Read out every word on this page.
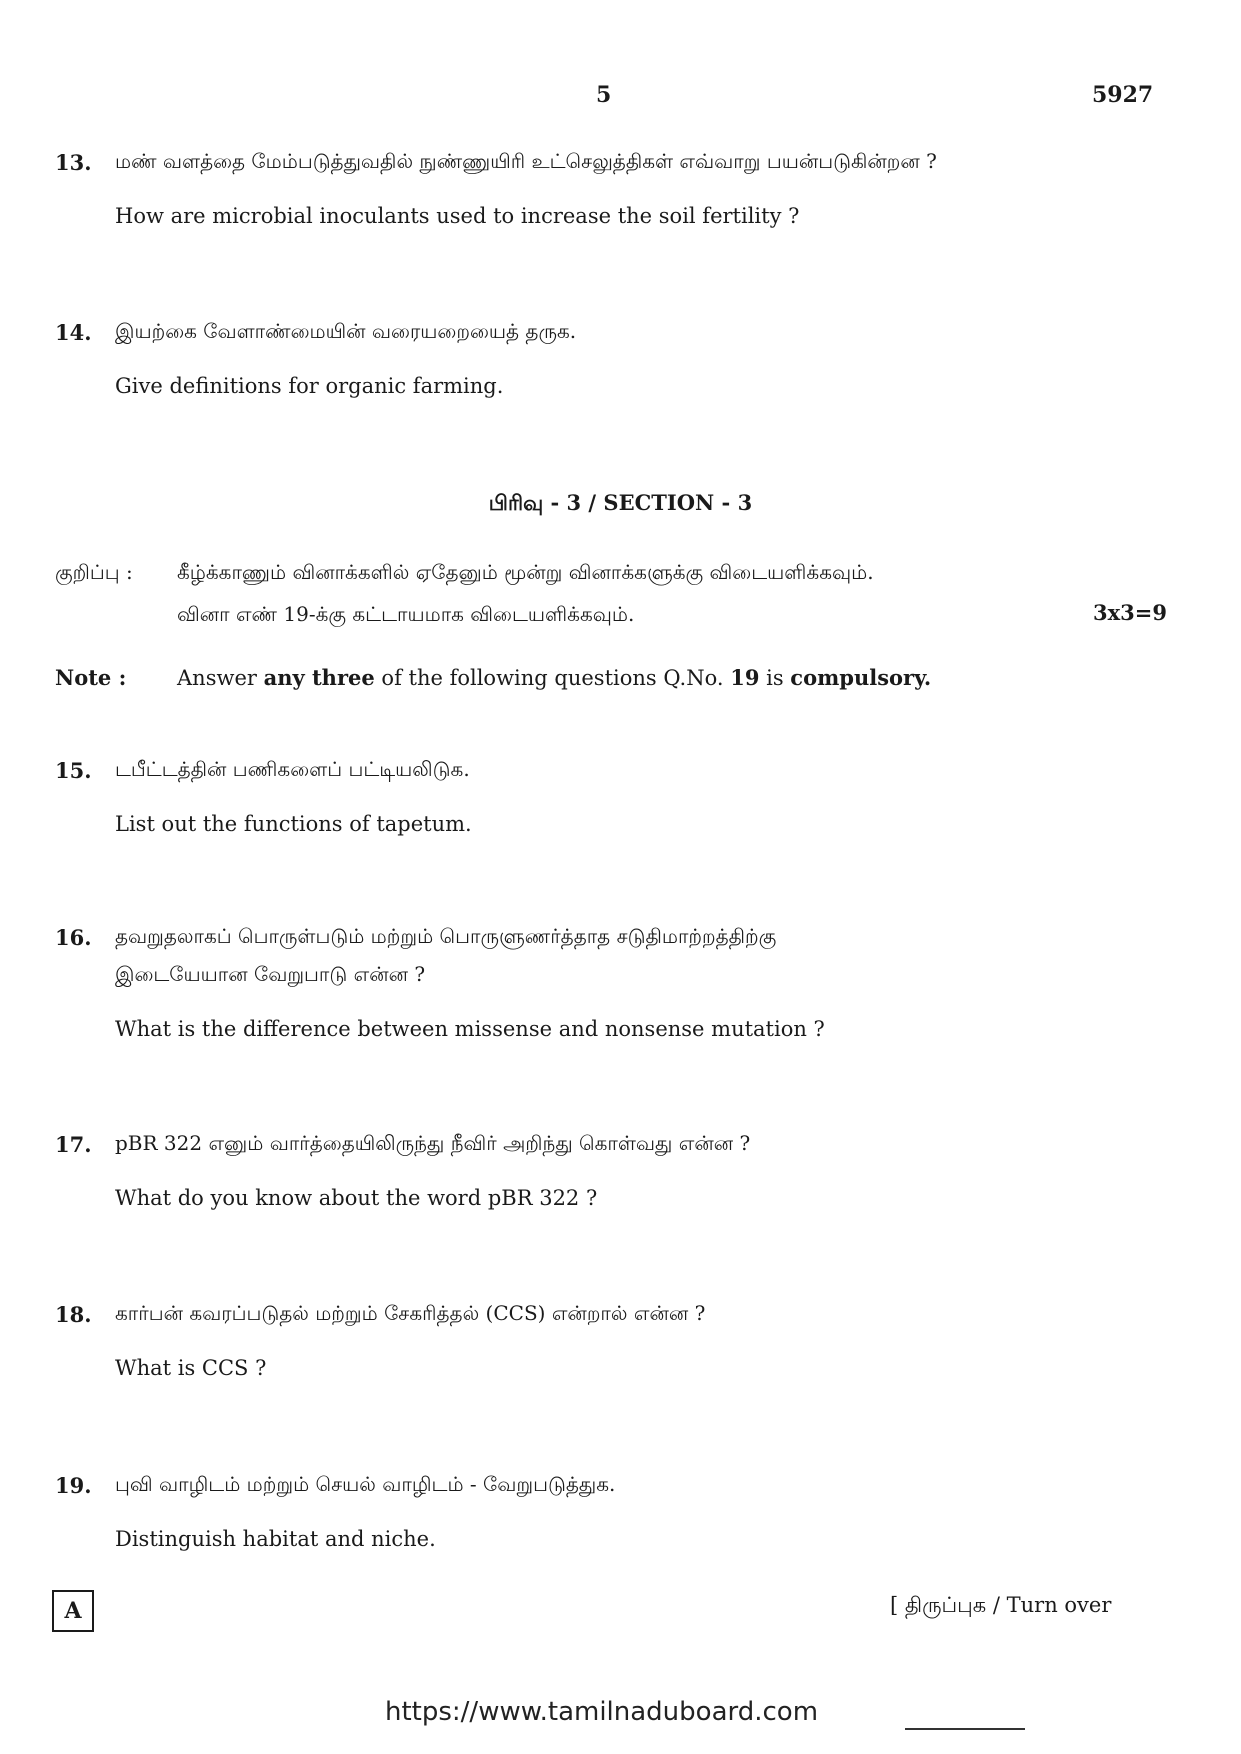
5	5927
13. மண் வளத்தை மேம்படுத்துவதில் நுண்ணுயிரி உட்செலுத்திகள் எவ்வாறு பயன்படுகின்றன ?
How are microbial inoculants used to increase the soil fertility ?
14. இயற்கை வேளாண்மையின் வரையறையைத் தருக.
Give definitions for organic farming.
பிரிவு - 3 / SECTION - 3
குறிப்பு : கீழ்க்காணும் வினாக்களில் ஏதேனும் மூன்று வினாக்களுக்கு விடையளிக்கவும்.
வினா எண் 19-க்கு கட்டாயமாக விடையளிக்கவும்.	3x3=9
Note : Answer any three of the following questions Q.No. 19 is compulsory.
15. டபீட்டத்தின் பணிகளைப் பட்டியலிடுக.
List out the functions of tapetum.
16. தவறுதலாகப் பொருள்படும் மற்றும் பொருளுணர்த்தாத சடுதிமாற்றத்திற்கு
இடையேயான வேறுபாடு என்ன ?
What is the difference between missense and nonsense mutation ?
17. pBR 322 எனும் வார்த்தையிலிருந்து நீவிர் அறிந்து கொள்வது என்ன ?
What do you know about the word pBR 322 ?
18. கார்பன் கவரப்படுதல் மற்றும் சேகரித்தல் (CCS) என்றால் என்ன ?
What is CCS ?
19. புவி வாழிடம் மற்றும் செயல் வாழிடம் - வேறுபடுத்துக.
Distinguish habitat and niche.
A	[ திருப்புக / Turn over
https://www.tamilnaduboard.com
